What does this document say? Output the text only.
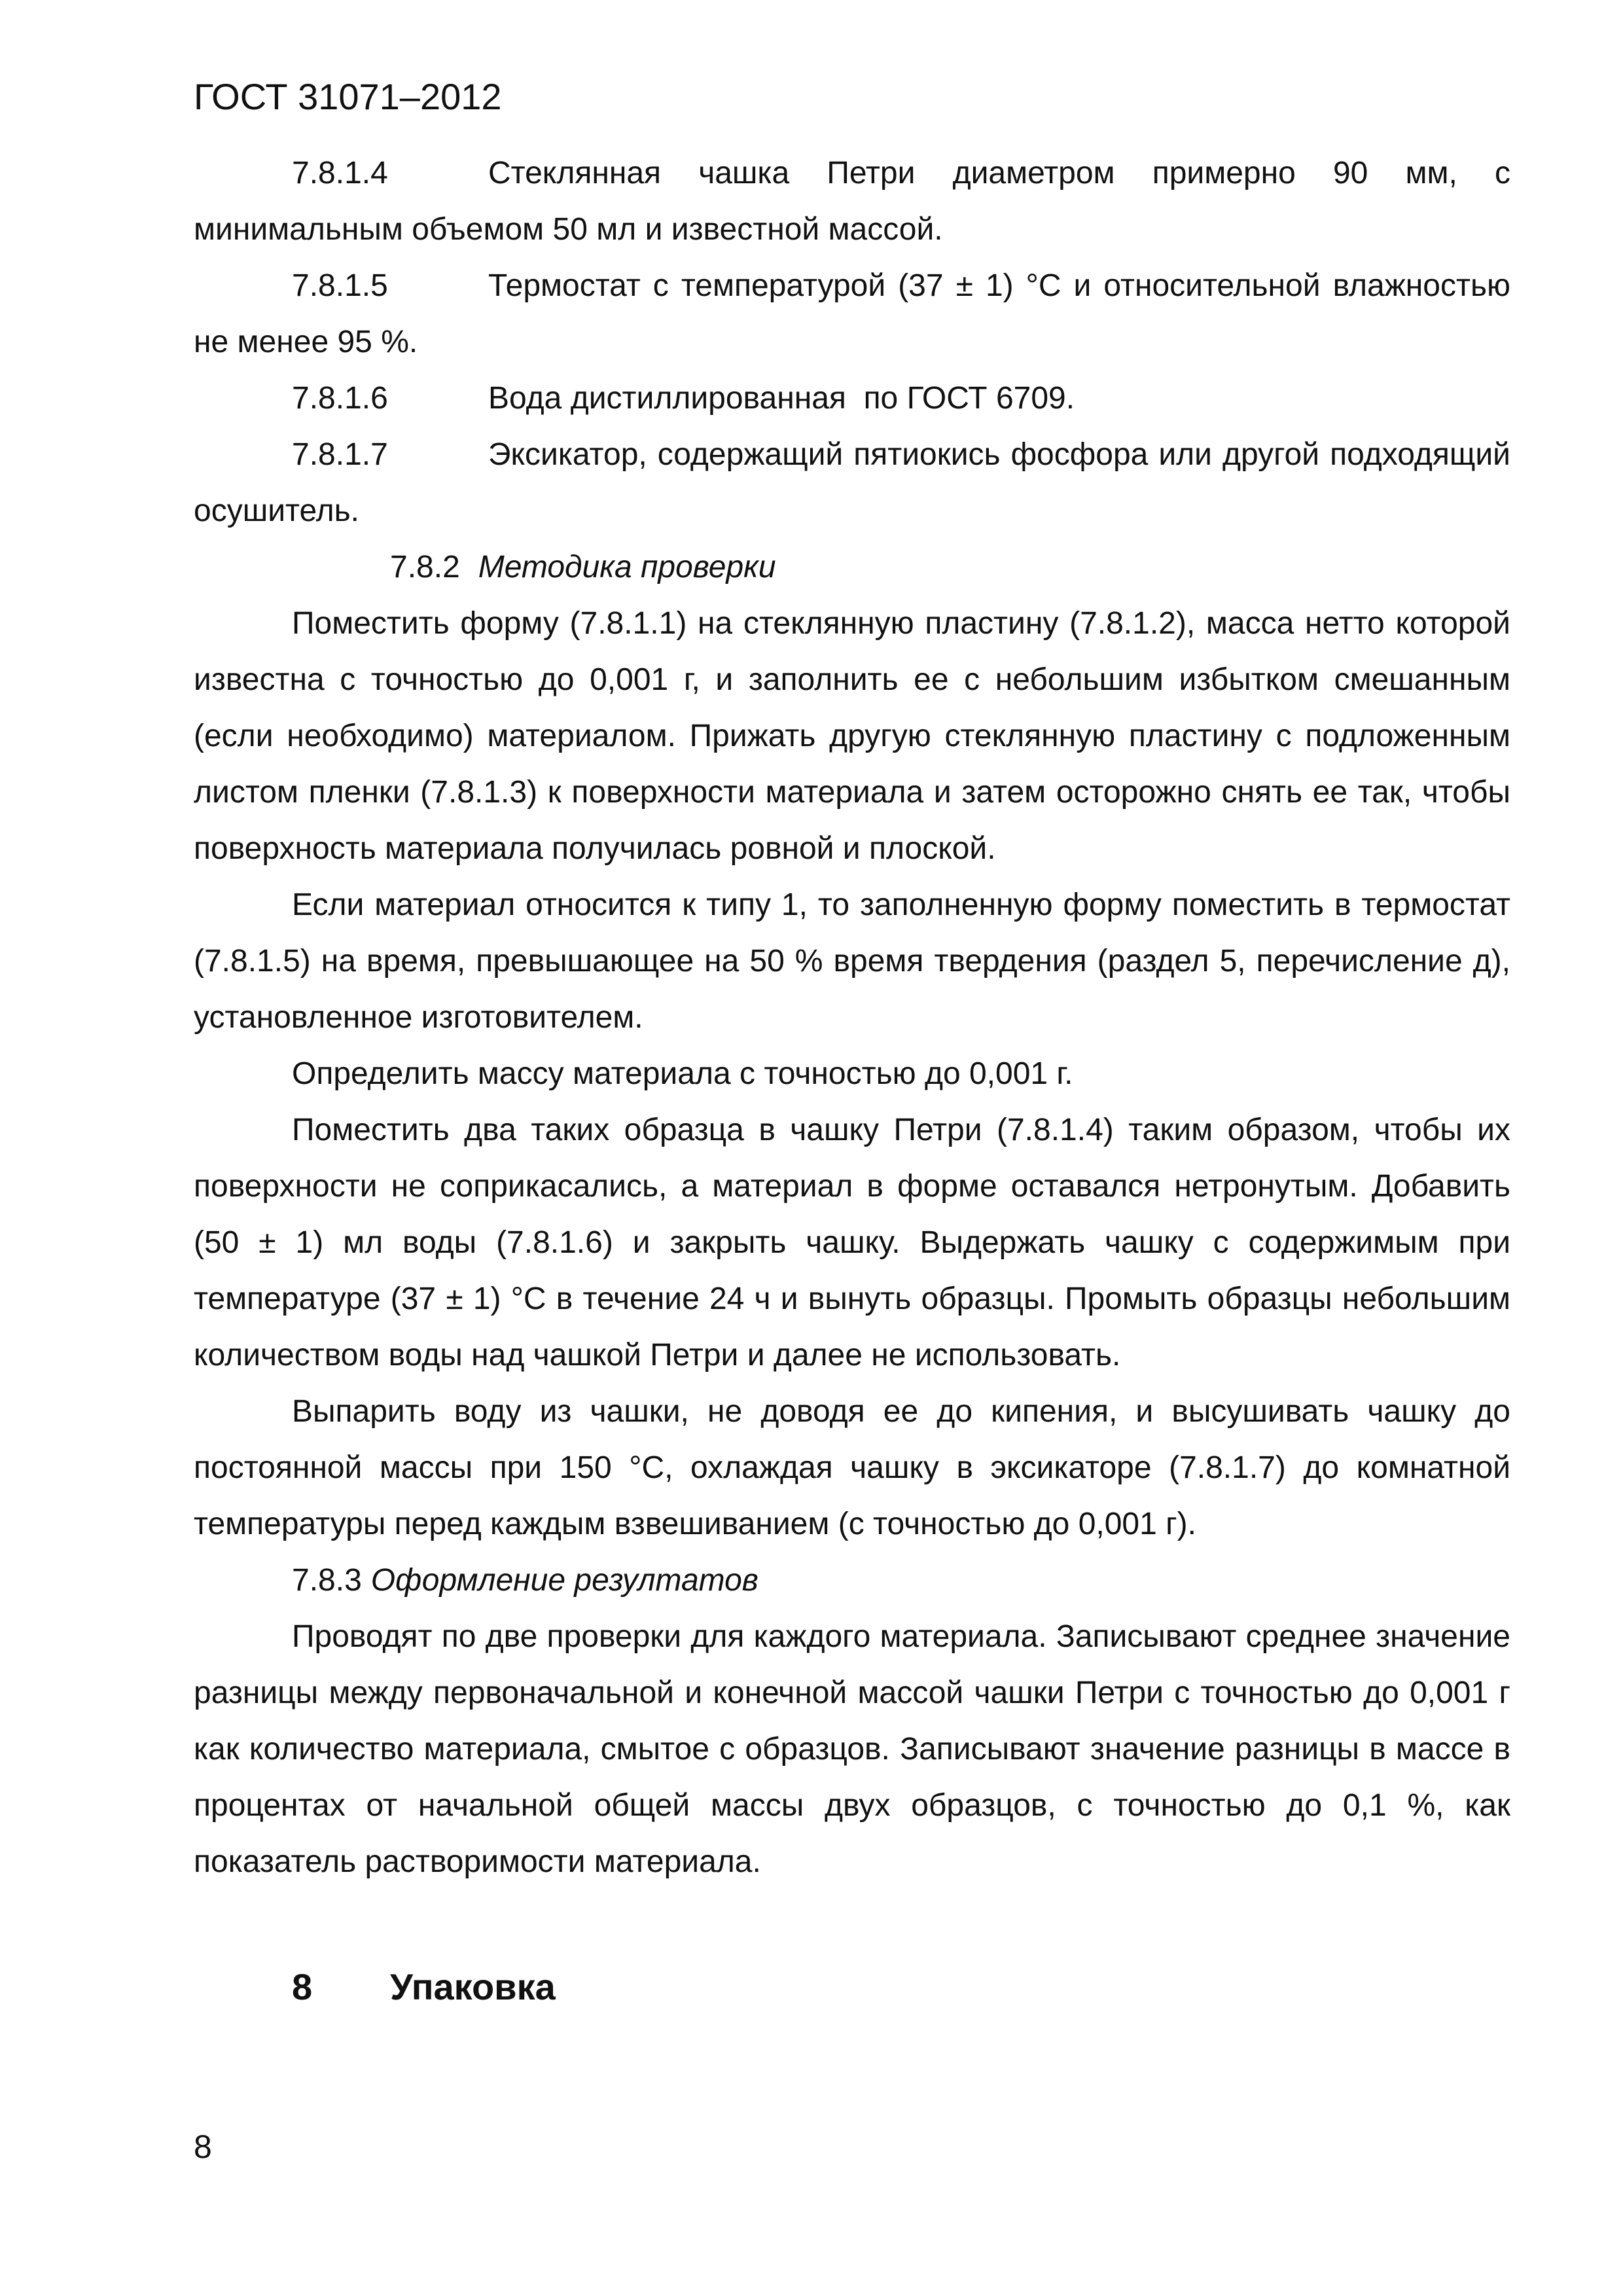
ГОСТ 31071–2012

7.8.1.4	Стеклянная чашка Петри диаметром примерно 90 мм, с минимальным объемом 50 мл и известной массой.

7.8.1.5	Термостат с температурой (37 ± 1) °С и относительной влажностью не менее 95 %.

7.8.1.6	Вода дистиллированная  по ГОСТ 6709.

7.8.1.7	Эксикатор, содержащий пятиокись фосфора или другой подходящий осушитель.

7.8.2 Методика проверки

Поместить форму (7.8.1.1) на стеклянную пластину (7.8.1.2), масса нетто которой известна с точностью до 0,001 г, и заполнить ее с небольшим избытком смешанным (если необходимо) материалом. Прижать другую стеклянную пластину с подложенным листом пленки (7.8.1.3) к поверхности материала и затем осторожно снять ее так, чтобы поверхность материала получилась ровной и плоской.

Если материал относится к типу 1, то заполненную форму поместить в термостат (7.8.1.5) на время, превышающее на 50 % время твердения (раздел 5, перечисление д), установленное изготовителем.

Определить массу материала с точностью до 0,001 г.

Поместить два таких образца в чашку Петри (7.8.1.4) таким образом, чтобы их поверхности не соприкасались, а материал в форме оставался нетронутым. Добавить (50 ± 1) мл воды (7.8.1.6) и закрыть чашку. Выдержать чашку с содержимым при температуре (37 ± 1) °С в течение 24 ч и вынуть образцы. Промыть образцы небольшим количеством воды над чашкой Петри и далее не использовать.

Выпарить воду из чашки, не доводя ее до кипения, и высушивать чашку до постоянной массы при 150 °С, охлаждая чашку в эксикаторе (7.8.1.7) до комнатной температуры перед каждым взвешиванием (с точностью до 0,001 г).

7.8.3 Оформление резултатов

Проводят по две проверки для каждого материала. Записывают среднее значение разницы между первоначальной и конечной массой чашки Петри с точностью до 0,001 г как количество материала, смытое с образцов. Записывают значение разницы в массе в процентах от начальной общей массы двух образцов, с точностью до 0,1 %, как показатель растворимости материала.

8 Упаковка
8
